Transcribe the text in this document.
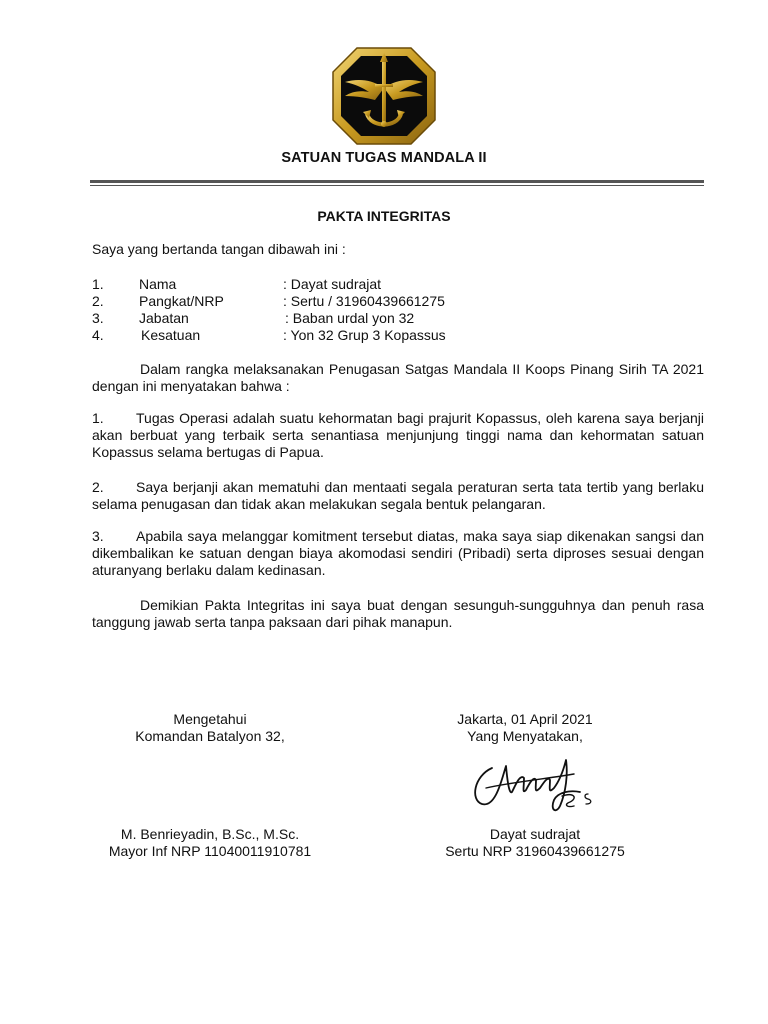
SATUAN TUGAS MANDALA II
PAKTA INTEGRITAS
Saya yang bertanda tangan dibawah ini :
1.	Nama	: Dayat sudrajat
2.	Pangkat/NRP	: Sertu / 31960439661275
3.	Jabatan	: Baban urdal yon 32
4.	Kesatuan	: Yon 32 Grup 3 Kopassus
Dalam rangka melaksanakan Penugasan Satgas Mandala II Koops Pinang Sirih TA 2021 dengan ini menyatakan bahwa :
1. Tugas Operasi adalah suatu kehormatan bagi prajurit Kopassus, oleh karena saya berjanji akan berbuat yang terbaik serta senantiasa menjunjung tinggi nama dan kehormatan satuan Kopassus selama bertugas di Papua.
2. Saya berjanji akan mematuhi dan mentaati segala peraturan serta tata tertib yang berlaku selama penugasan dan tidak akan melakukan segala bentuk pelangaran.
3. Apabila saya melanggar komitment tersebut diatas, maka saya siap dikenakan sangsi dan dikembalikan ke satuan dengan biaya akomodasi sendiri (Pribadi) serta diproses sesuai dengan aturanyang berlaku dalam kedinasan.
Demikian Pakta Integritas ini saya buat dengan sesunguh-sungguhnya dan penuh rasa tanggung jawab serta tanpa paksaan dari pihak manapun.
Mengetahui
Komandan Batalyon 32,
M. Benrieyadin, B.Sc., M.Sc.
Mayor Inf NRP 11040011910781
Jakarta, 01 April 2021
Yang Menyatakan,
Dayat sudrajat
Sertu NRP 31960439661275
